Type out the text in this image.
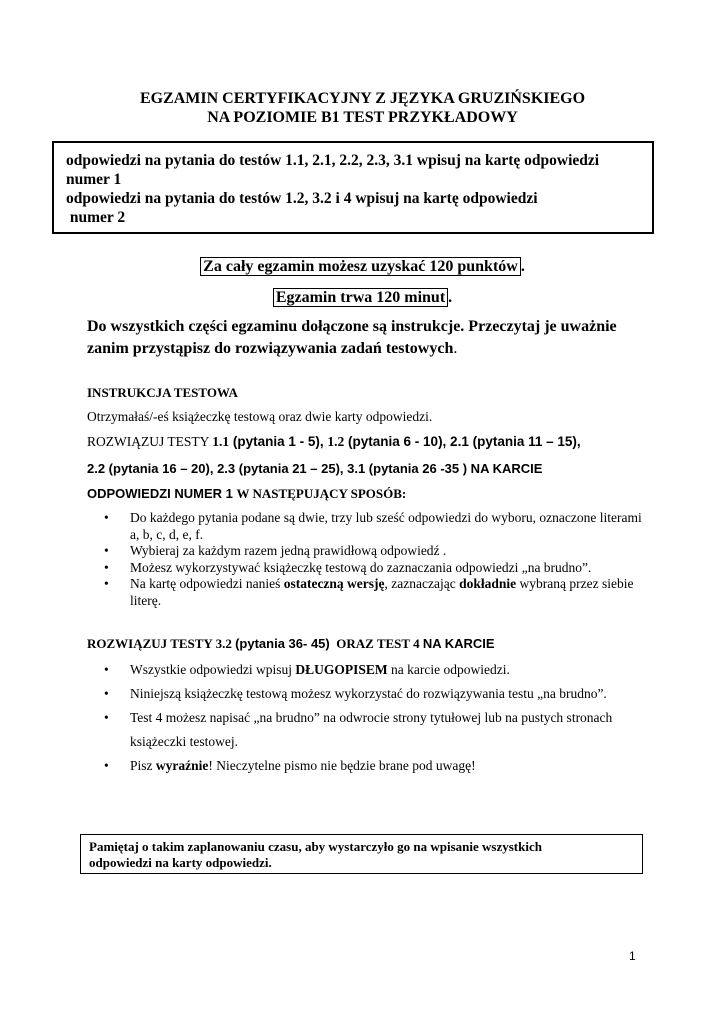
EGZAMIN CERTYFIKACYJNY Z JĘZYKA GRUZIŃSKIEGO
NA POZIOMIE B1 TEST PRZYKŁADOWY

odpowiedzi na pytania do testów 1.1, 2.1, 2.2, 2.3, 3.1 wpisuj na kartę odpowiedzi

numer 1

odpowiedzi na pytania do testów 1.2, 3.2 i 4 wpisuj na kartę odpowiedzi

numer 2

Za cały egzamin możesz uzyskać 120 punktów .
Egzamin trwa 120 minut .

Do wszystkich części egzaminu dołączone są instrukcje. Przeczytaj je uważnie

zanim przystąpisz do rozwiązywania zadań testowych.

INSTRUKCJA TESTOWA
Otrzymałaś/-eś książeczkę testową oraz dwie karty odpowiedzi.
ROZWIĄZUJ TESTY 1.1 (pytania 1 - 5), 1.2 (pytania 6 - 10), 2.1 (pytania 11 – 15),
2.2 (pytania 16 – 20), 2.3 (pytania 21 – 25), 3.1 (pytania 26 -35 ) NA KARCIE
ODPOWIEDZI NUMER 1 W NASTĘPUJĄCY SPOSÓB:
• Do każdego pytania podane są dwie, trzy lub sześć odpowiedzi do wyboru, oznaczone literami a, b, c, d, e, f.
• Wybieraj za każdym razem jedną prawidłową odpowiedź .
• Możesz wykorzystywać książeczkę testową do zaznaczania odpowiedzi „na brudno”.
• Na kartę odpowiedzi nanieś ostateczną wersję, zaznaczając dokładnie wybraną przez siebie literę.
ROZWIĄZUJ TESTY 3.2 (pytania 36- 45)  ORAZ TEST 4 NA KARCIE
• Wszystkie odpowiedzi wpisuj DŁUGOPISEM na karcie odpowiedzi.
• Niniejszą książeczkę testową możesz wykorzystać do rozwiązywania testu „na brudno”.
• Test 4 możesz napisać „na brudno” na odwrocie strony tytułowej lub na pustych stronach książeczki testowej.
• Pisz wyraźnie! Nieczytelne pismo nie będzie brane pod uwagę!

Pamiętaj o takim zaplanowaniu czasu, aby wystarczyło go na wpisanie wszystkich

odpowiedzi na karty odpowiedzi.

1
